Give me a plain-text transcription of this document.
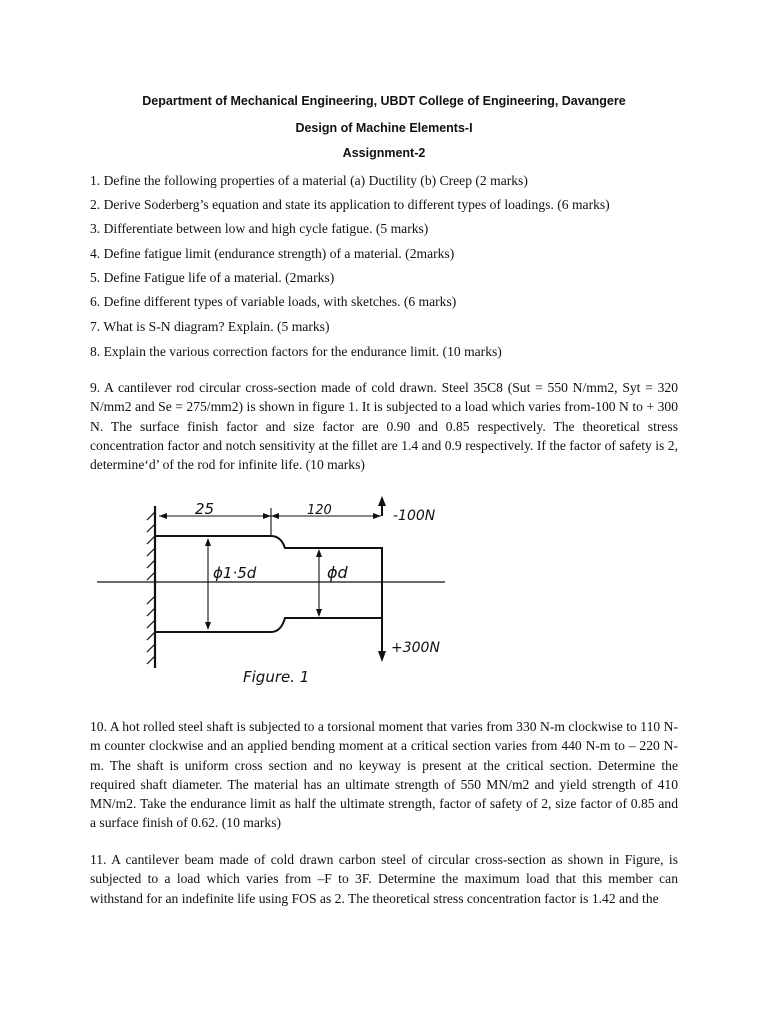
Department of Mechanical Engineering, UBDT College of Engineering, Davangere
Design of Machine Elements-I
Assignment-2
1. Define the following properties of a material (a) Ductility (b) Creep (2 marks)
2. Derive Soderberg’s equation and state its application to different types of loadings. (6 marks)
3. Differentiate between low and high cycle fatigue. (5 marks)
4. Define fatigue limit (endurance strength) of a material. (2marks)
5. Define Fatigue life of a material. (2marks)
6. Define different types of variable loads, with sketches. (6 marks)
7. What is S-N diagram? Explain. (5 marks)
8. Explain the various correction factors for the endurance limit. (10 marks)
9. A cantilever rod circular cross-section made of cold drawn. Steel 35C8 (Sut = 550 N/mm2, Syt = 320 N/mm2 and Se = 275/mm2) is shown in figure 1. It is subjected to a load which varies from-100 N to + 300 N. The surface finish factor and size factor are 0.90 and 0.85 respectively. The theoretical stress concentration factor and notch sensitivity at the fillet are 1.4 and 0.9 respectively. If the factor of safety is 2, determine‘d’ of the rod for infinite life. (10 marks)
25	120	-100N
+300N
ϕ1·5d	ϕd
Figure. 1
10. A hot rolled steel shaft is subjected to a torsional moment that varies from 330 N-m clockwise to 110 N-m counter clockwise and an applied bending moment at a critical section varies from 440 N-m to – 220 N-m. The shaft is uniform cross section and no keyway is present at the critical section. Determine the required shaft diameter. The material has an ultimate strength of 550 MN/m2 and yield strength of 410 MN/m2. Take the endurance limit as half the ultimate strength, factor of safety of 2, size factor of 0.85 and a surface finish of 0.62. (10 marks)
11. A cantilever beam made of cold drawn carbon steel of circular cross-section as shown in Figure, is subjected to a load which varies from –F to 3F. Determine the maximum load that this member can withstand for an indefinite life using FOS as 2. The theoretical stress concentration factor is 1.42 and the
